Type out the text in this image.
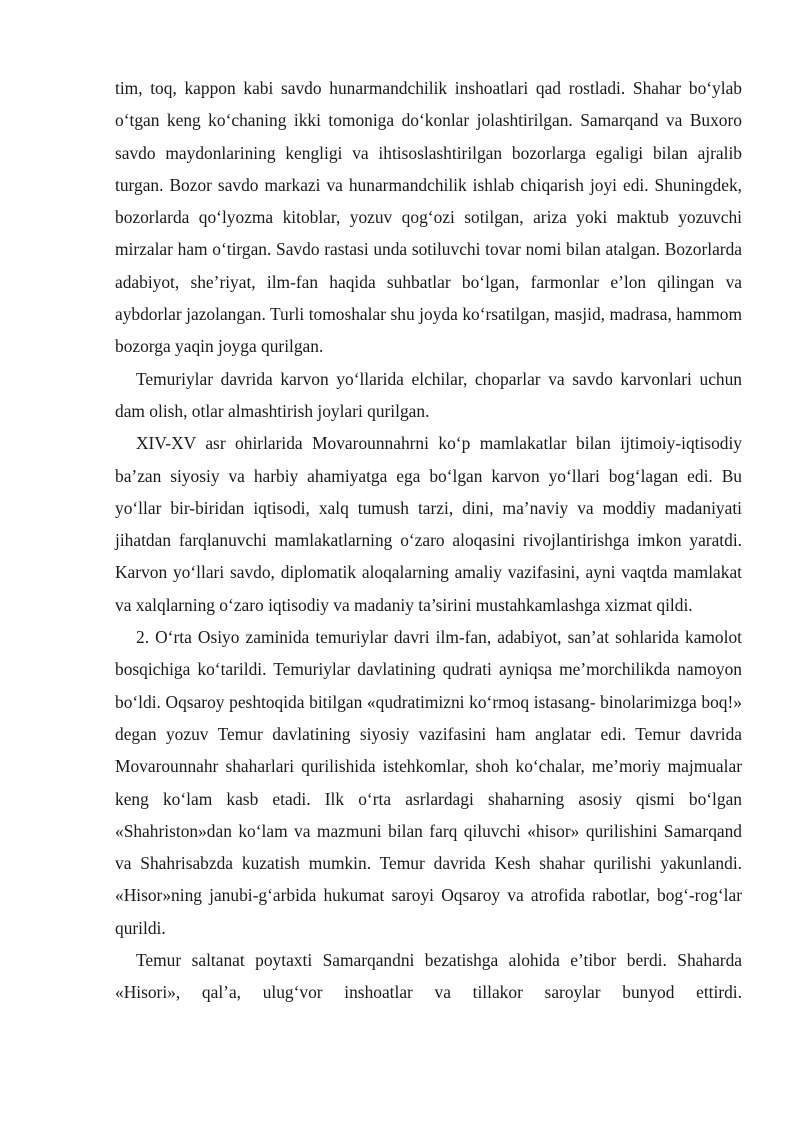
tim, toq, kappon kabi savdo hunarmandchilik inshoatlari qad rostladi. Shahar bo‘ylab o‘tgan keng ko‘chaning ikki tomoniga do‘konlar jolashtirilgan. Samarqand va Buxoro savdo maydonlarining kengligi va ihtisoslashtirilgan bozorlarga egaligi bilan ajralib turgan. Bozor savdo markazi va hunarmandchilik ishlab chiqarish joyi edi. Shuningdek, bozorlarda qo‘lyozma kitoblar, yozuv qog‘ozi sotilgan, ariza yoki maktub yozuvchi mirzalar ham o‘tirgan. Savdo rastasi unda sotiluvchi tovar nomi bilan atalgan. Bozorlarda adabiyot, she’riyat, ilm-fan haqida suhbatlar bo‘lgan, farmonlar e’lon qilingan va aybdorlar jazolangan. Turli tomoshalar shu joyda ko‘rsatilgan, masjid, madrasa, hammom bozorga yaqin joyga qurilgan.

Temuriylar davrida karvon yo‘llarida elchilar, choparlar va savdo karvonlari uchun dam olish, otlar almashtirish joylari qurilgan.

XIV-XV asr ohirlarida Movarounnahrni ko‘p mamlakatlar bilan ijtimoiy-iqtisodiy ba’zan siyosiy va harbiy ahamiyatga ega bo‘lgan karvon yo‘llari bog‘lagan edi. Bu yo‘llar bir-biridan iqtisodi, xalq tumush tarzi, dini, ma’naviy va moddiy madaniyati jihatdan farqlanuvchi mamlakatlarning o‘zaro aloqasini rivojlantirishga imkon yaratdi. Karvon yo‘llari savdo, diplomatik aloqalarning amaliy vazifasini, ayni vaqtda mamlakat va xalqlarning o‘zaro iqtisodiy va madaniy ta’sirini mustahkamlashga xizmat qildi.

2. O‘rta Osiyo zaminida temuriylar davri ilm-fan, adabiyot, san’at sohlarida kamolot bosqichiga ko‘tarildi. Temuriylar davlatining qudrati ayniqsa me’morchilikda namoyon bo‘ldi. Oqsaroy peshtoqida bitilgan «qudratimizni ko‘rmoq istasang- binolarimizga boq!» degan yozuv Temur davlatining siyosiy vazifasini ham anglatar edi. Temur davrida Movarounnahr shaharlari qurilishida istehkomlar, shoh ko‘chalar, me’moriy majmualar keng ko‘lam kasb etadi. Ilk o‘rta asrlardagi shaharning asosiy qismi bo‘lgan «Shahriston»dan ko‘lam va mazmuni bilan farq qiluvchi «hisor» qurilishini Samarqand va Shahrisabzda kuzatish mumkin. Temur davrida Kesh shahar qurilishi yakunlandi. «Hisor»ning janubi-g‘arbida hukumat saroyi Oqsaroy va atrofida rabotlar, bog‘-rog‘lar qurildi.

Temur saltanat poytaxti Samarqandni bezatishga alohida e’tibor berdi. Shaharda «Hisori», qal’a, ulug‘vor inshoatlar va tillakor saroylar bunyod ettirdi.
